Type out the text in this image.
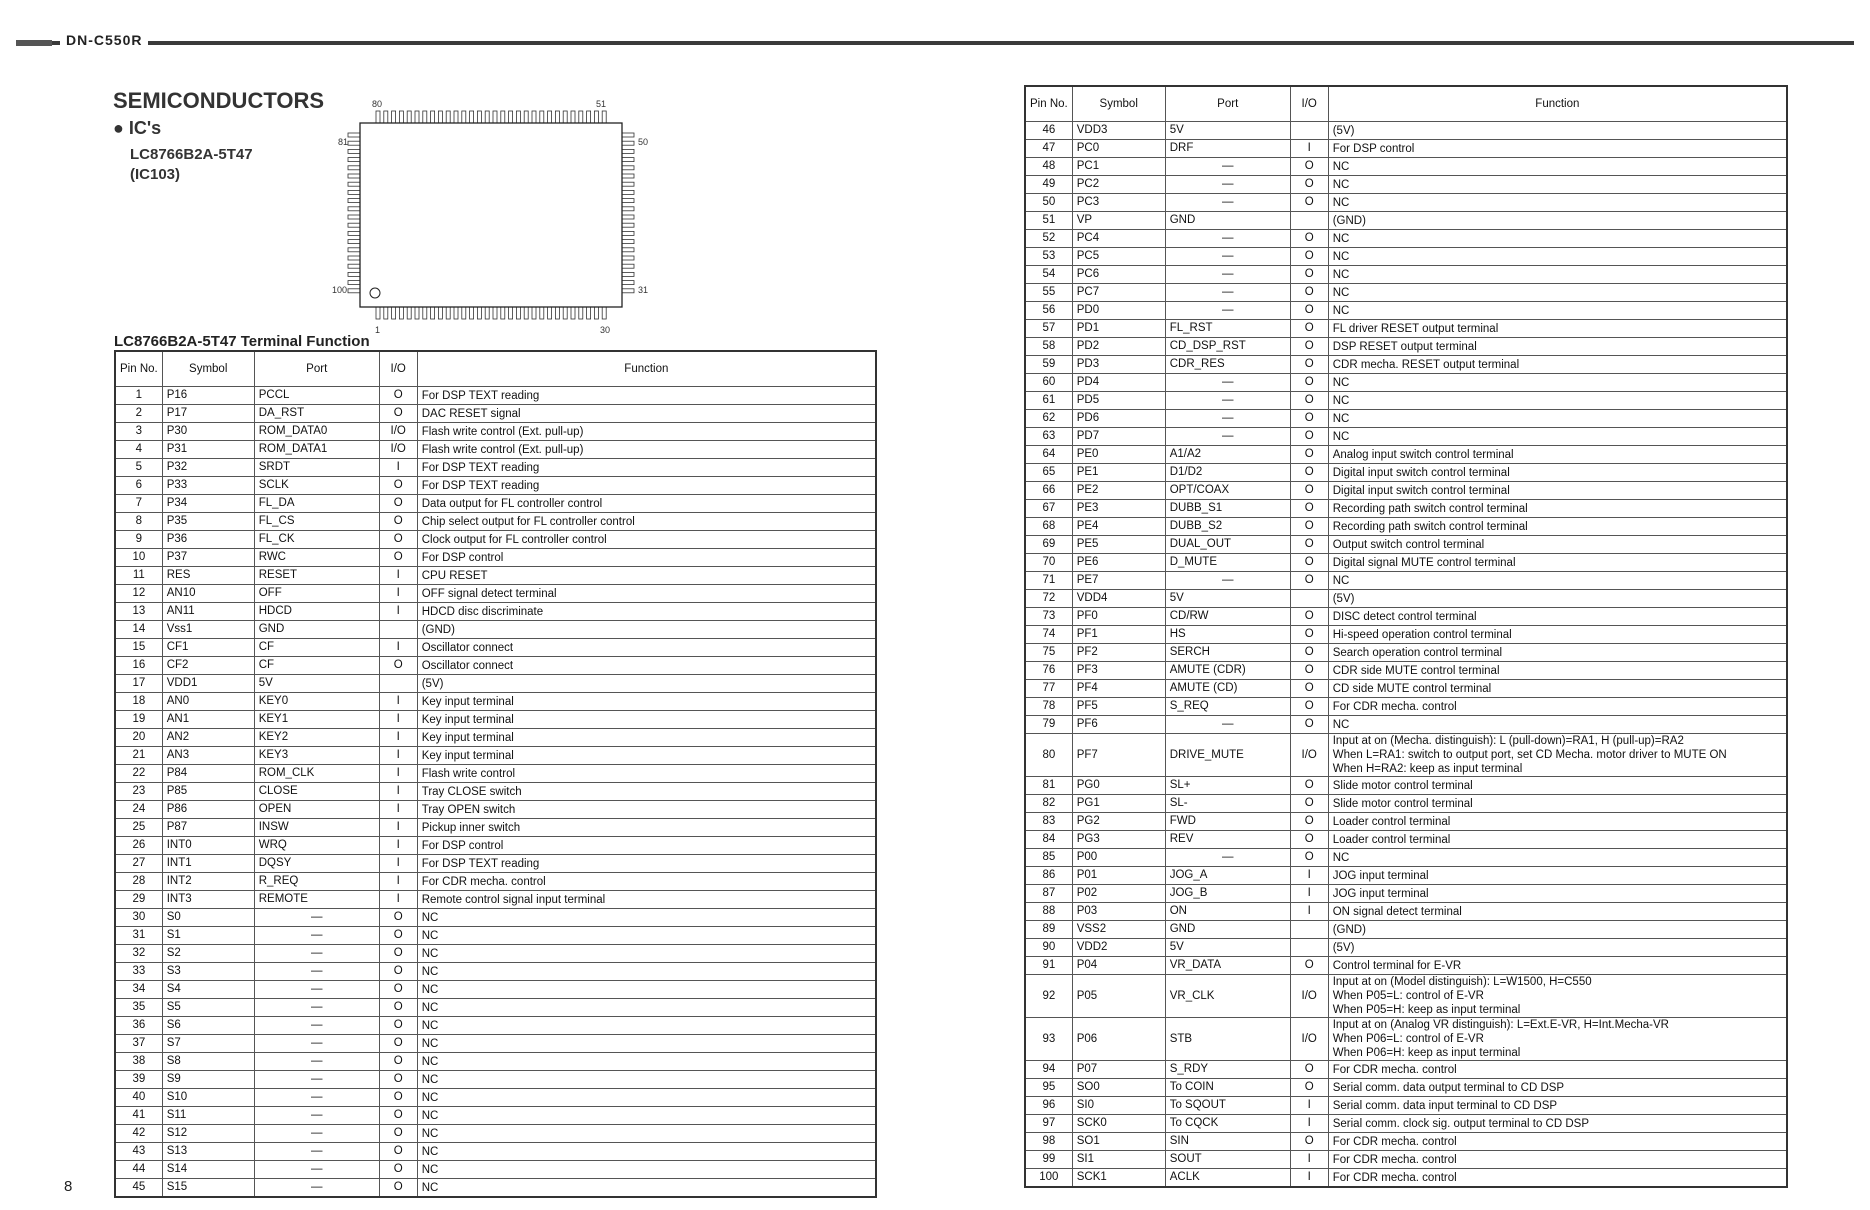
DN-C550R
SEMICONDUCTORS
● IC's
LC8766B2A-5T47
(IC103)
80	51
81	50
100	31
1	30
LC8766B2A-5T47 Terminal Function
Pin No.	Symbol	Port	I/O	Function
1	P16	PCCL	O	For DSP TEXT reading
2	P17	DA_RST	O	DAC RESET signal
3	P30	ROM_DATA0	I/O	Flash write control (Ext. pull-up)
4	P31	ROM_DATA1	I/O	Flash write control (Ext. pull-up)
5	P32	SRDT	I	For DSP TEXT reading
6	P33	SCLK	O	For DSP TEXT reading
7	P34	FL_DA	O	Data output for FL controller control
8	P35	FL_CS	O	Chip select output for FL controller control
9	P36	FL_CK	O	Clock output for FL controller control
10	P37	RWC	O	For DSP control
11	RES	RESET	I	CPU RESET
12	AN10	OFF	I	OFF signal detect terminal
13	AN11	HDCD	I	HDCD disc discriminate
14	Vss1	GND		(GND)
15	CF1	CF	I	Oscillator connect
16	CF2	CF	O	Oscillator connect
17	VDD1	5V		(5V)
18	AN0	KEY0	I	Key input terminal
19	AN1	KEY1	I	Key input terminal
20	AN2	KEY2	I	Key input terminal
21	AN3	KEY3	I	Key input terminal
22	P84	ROM_CLK	I	Flash write control
23	P85	CLOSE	I	Tray CLOSE switch
24	P86	OPEN	I	Tray OPEN switch
25	P87	INSW	I	Pickup inner switch
26	INT0	WRQ	I	For DSP control
27	INT1	DQSY	I	For DSP TEXT reading
28	INT2	R_REQ	I	For CDR mecha. control
29	INT3	REMOTE	I	Remote control signal input terminal
30	S0	—	O	NC
31	S1	—	O	NC
32	S2	—	O	NC
33	S3	—	O	NC
34	S4	—	O	NC
35	S5	—	O	NC
36	S6	—	O	NC
37	S7	—	O	NC
38	S8	—	O	NC
39	S9	—	O	NC
40	S10	—	O	NC
41	S11	—	O	NC
42	S12	—	O	NC
43	S13	—	O	NC
44	S14	—	O	NC
45	S15	—	O	NC
Pin No.	Symbol	Port	I/O	Function
46	VDD3	5V		(5V)
47	PC0	DRF	I	For DSP control
48	PC1	—	O	NC
49	PC2	—	O	NC
50	PC3	—	O	NC
51	VP	GND		(GND)
52	PC4	—	O	NC
53	PC5	—	O	NC
54	PC6	—	O	NC
55	PC7	—	O	NC
56	PD0	—	O	NC
57	PD1	FL_RST	O	FL driver RESET output terminal
58	PD2	CD_DSP_RST	O	DSP RESET output terminal
59	PD3	CDR_RES	O	CDR mecha. RESET output terminal
60	PD4	—	O	NC
61	PD5	—	O	NC
62	PD6	—	O	NC
63	PD7	—	O	NC
64	PE0	A1/A2	O	Analog input switch control terminal
65	PE1	D1/D2	O	Digital input switch control terminal
66	PE2	OPT/COAX	O	Digital input switch control terminal
67	PE3	DUBB_S1	O	Recording path switch control terminal
68	PE4	DUBB_S2	O	Recording path switch control terminal
69	PE5	DUAL_OUT	O	Output switch control terminal
70	PE6	D_MUTE	O	Digital signal MUTE control terminal
71	PE7	—	O	NC
72	VDD4	5V		(5V)
73	PF0	CD/RW	O	DISC detect control terminal
74	PF1	HS	O	Hi-speed operation control terminal
75	PF2	SERCH	O	Search operation control terminal
76	PF3	AMUTE (CDR)	O	CDR side MUTE control terminal
77	PF4	AMUTE (CD)	O	CD side MUTE control terminal
78	PF5	S_REQ	O	For CDR mecha. control
79	PF6	—	O	NC
80	PF7	DRIVE_MUTE	I/O	Input at on (Mecha. distinguish): L (pull-down)=RA1, H (pull-up)=RA2
When L=RA1: switch to output port, set CD Mecha. motor driver to MUTE ON
When H=RA2: keep as input terminal
81	PG0	SL+	O	Slide motor control terminal
82	PG1	SL-	O	Slide motor control terminal
83	PG2	FWD	O	Loader control terminal
84	PG3	REV	O	Loader control terminal
85	P00	—	O	NC
86	P01	JOG_A	I	JOG input terminal
87	P02	JOG_B	I	JOG input terminal
88	P03	ON	I	ON signal detect terminal
89	VSS2	GND		(GND)
90	VDD2	5V		(5V)
91	P04	VR_DATA	O	Control terminal for E-VR
92	P05	VR_CLK	I/O	Input at on (Model distinguish): L=W1500, H=C550
When P05=L: control of E-VR
When P05=H: keep as input terminal
93	P06	STB	I/O	Input at on (Analog VR distinguish): L=Ext.E-VR, H=Int.Mecha-VR
When P06=L: control of E-VR
When P06=H: keep as input terminal
94	P07	S_RDY	O	For CDR mecha. control
95	SO0	To COIN	O	Serial comm. data output terminal to CD DSP
96	SI0	To SQOUT	I	Serial comm. data input terminal to CD DSP
97	SCK0	To CQCK	I	Serial comm. clock sig. output terminal to CD DSP
98	SO1	SIN	O	For CDR mecha. control
99	SI1	SOUT	I	For CDR mecha. control
100	SCK1	ACLK	I	For CDR mecha. control
8
